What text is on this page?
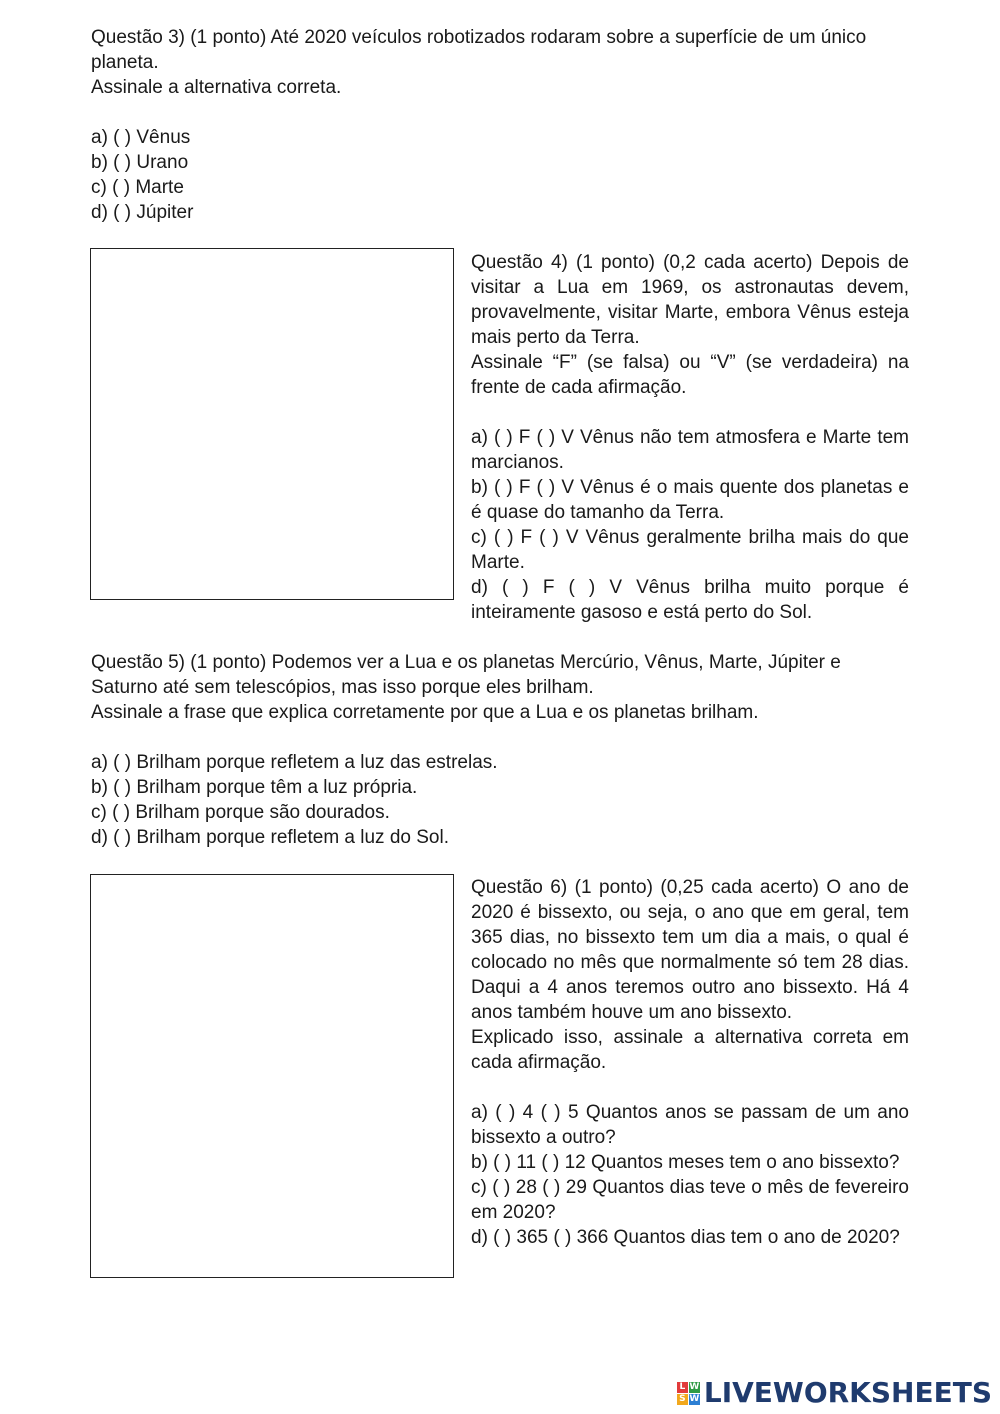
Questão 3) (1 ponto) Até 2020 veículos robotizados rodaram sobre a superfície de um único
planeta.
Assinale a alternativa correta.
a) ( ) Vênus
b) ( ) Urano
c) ( ) Marte
d) ( ) Júpiter
Questão 4) (1 ponto) (0,2 cada acerto) Depois de visitar a Lua em 1969, os astronautas devem, provavelmente, visitar Marte, embora Vênus esteja mais perto da Terra.
Assinale “F” (se falsa) ou “V” (se verdadeira) na frente de cada afirmação.
a) ( ) F ( ) V Vênus não tem atmosfera e Marte tem marcianos.
b) ( ) F ( ) V Vênus é o mais quente dos planetas e é quase do tamanho da Terra.
c) ( ) F ( ) V Vênus geralmente brilha mais do que Marte.
d) ( ) F ( ) V Vênus brilha muito porque é inteiramente gasoso e está perto do Sol.
Questão 5) (1 ponto) Podemos ver a Lua e os planetas Mercúrio, Vênus, Marte, Júpiter e
Saturno até sem telescópios, mas isso porque eles brilham.
Assinale a frase que explica corretamente por que a Lua e os planetas brilham.
a) ( ) Brilham porque refletem a luz das estrelas.
b) ( ) Brilham porque têm a luz própria.
c) ( ) Brilham porque são dourados.
d) ( ) Brilham porque refletem a luz do Sol.
Questão 6) (1 ponto) (0,25 cada acerto) O ano de 2020 é bissexto, ou seja, o ano que em geral, tem 365 dias, no bissexto tem um dia a mais, o qual é colocado no mês que normalmente só tem 28 dias. Daqui a 4 anos teremos outro ano bissexto. Há 4 anos também houve um ano bissexto.
Explicado isso, assinale a alternativa correta em cada afirmação.
a) ( ) 4 ( ) 5 Quantos anos se passam de um ano bissexto a outro?
b) ( ) 11 ( ) 12 Quantos meses tem o ano bissexto?
c) ( ) 28 ( ) 29 Quantos dias teve o mês de fevereiro em 2020?
d) ( ) 365 ( ) 366 Quantos dias tem o ano de 2020?
L W
S W LIVEWORKSHEETS
